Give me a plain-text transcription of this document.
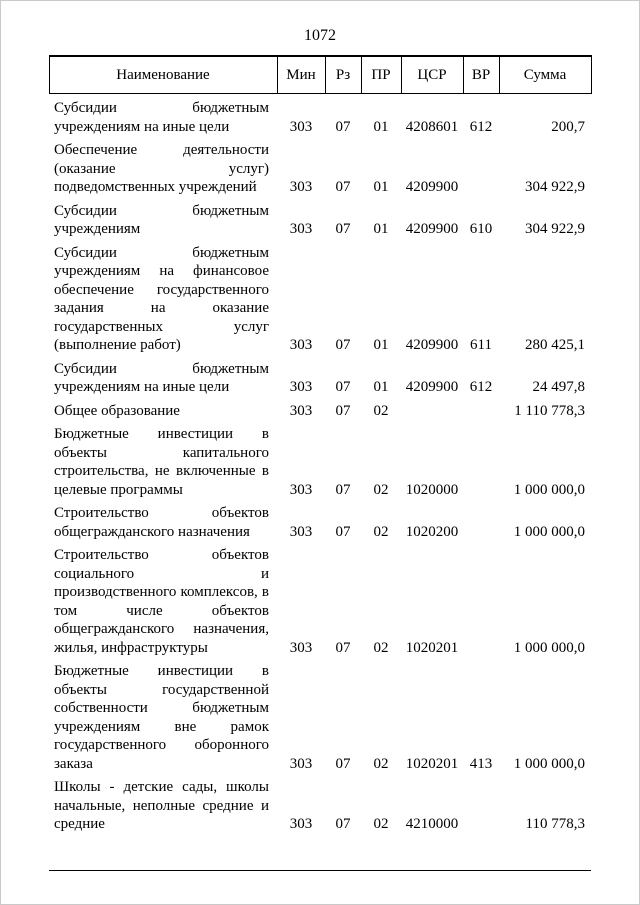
1072
Наименование	Мин	Рз	ПР	ЦСР	ВР	Сумма
Субсидии бюджетным учреждениям на иные цели	303	07	01	4208601	612	200,7
Обеспечение деятельности (оказание услуг) подведомственных учреждений	303	07	01	4209900		304 922,9
Субсидии бюджетным учреждениям	303	07	01	4209900	610	304 922,9
Субсидии бюджетным учреждениям на финансовое обеспечение государственного задания на оказание государственных услуг (выполнение работ)	303	07	01	4209900	611	280 425,1
Субсидии бюджетным учреждениям на иные цели	303	07	01	4209900	612	24 497,8
Общее образование	303	07	02			1 110 778,3
Бюджетные инвестиции в объекты капитального строительства, не включенные в целевые программы	303	07	02	1020000		1 000 000,0
Строительство объектов общегражданского назначения	303	07	02	1020200		1 000 000,0
Строительство объектов социального и производственного комплексов, в том числе объектов общегражданского назначения, жилья, инфраструктуры	303	07	02	1020201		1 000 000,0
Бюджетные инвестиции в объекты государственной собственности бюджетным учреждениям вне рамок государственного оборонного заказа	303	07	02	1020201	413	1 000 000,0
Школы - детские сады, школы начальные, неполные средние и средние	303	07	02	4210000		110 778,3
